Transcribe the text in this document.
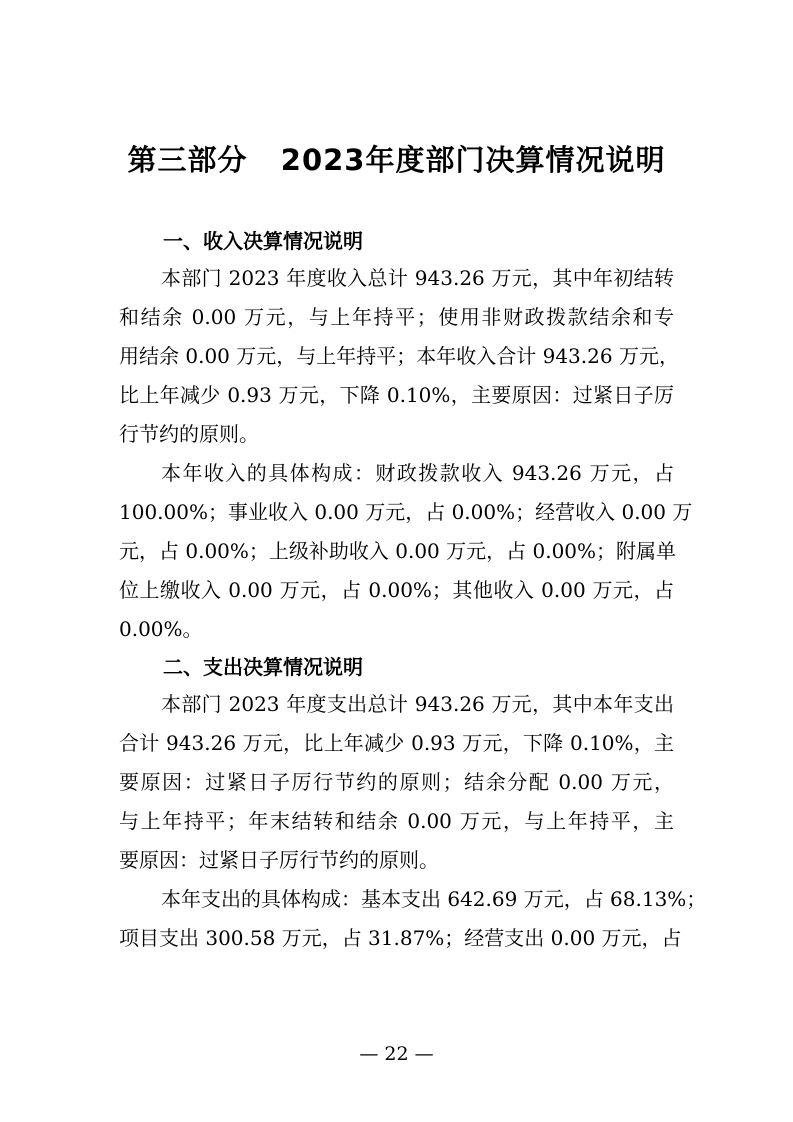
第三部分   2023年度部门决算情况说明
一、收入决算情况说明
本部门 2023 年度收入总计 943.26 万元，其中年初结转
和结余 0.00 万元，与上年持平；使用非财政拨款结余和专
用结余 0.00 万元，与上年持平；本年收入合计 943.26 万元，
比上年减少 0.93 万元，下降 0.10%，主要原因：过紧日子厉
行节约的原则。
本年收入的具体构成：财政拨款收入 943.26 万元，占
100.00%；事业收入 0.00 万元，占 0.00%；经营收入 0.00 万
元，占 0.00%；上级补助收入 0.00 万元，占 0.00%；附属单
位上缴收入 0.00 万元，占 0.00%；其他收入 0.00 万元，占
0.00%。
二、支出决算情况说明
本部门 2023 年度支出总计 943.26 万元，其中本年支出
合计 943.26 万元，比上年减少 0.93 万元，下降 0.10%，主
要原因：过紧日子厉行节约的原则；结余分配 0.00 万元，
与上年持平；年末结转和结余 0.00 万元，与上年持平，主
要原因：过紧日子厉行节约的原则。
本年支出的具体构成：基本支出 642.69 万元，占 68.13%；
项目支出 300.58 万元，占 31.87%；经营支出 0.00 万元，占
— 22 —
